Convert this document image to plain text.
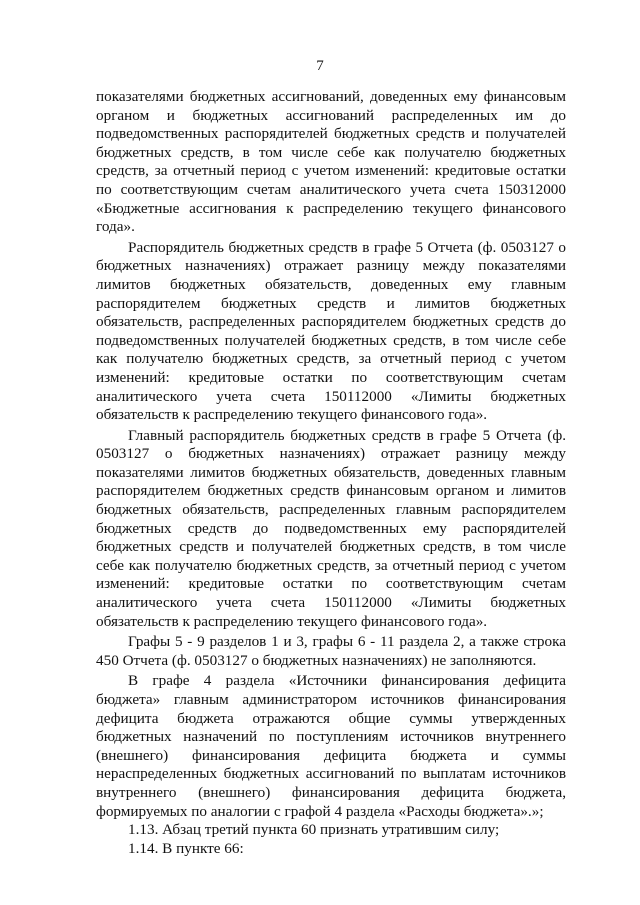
7

показателями бюджетных ассигнований, доведенных ему финансовым органом и бюджетных ассигнований распределенных им до подведомственных распорядителей бюджетных средств и получателей бюджетных средств, в том числе себе как получателю бюджетных средств, за отчетный период с учетом изменений: кредитовые остатки по соответствующим счетам аналитического учета счета 150312000 «Бюджетные ассигнования к распределению текущего финансового года».

Распорядитель бюджетных средств в графе 5 Отчета (ф. 0503127 о бюджетных назначениях) отражает разницу между показателями лимитов бюджетных обязательств, доведенных ему главным распорядителем бюджетных средств и лимитов бюджетных обязательств, распределенных распорядителем бюджетных средств до подведомственных получателей бюджетных средств, в том числе себе как получателю бюджетных средств, за отчетный период с учетом изменений: кредитовые остатки по соответствующим счетам аналитического учета счета 150112000 «Лимиты бюджетных обязательств к распределению текущего финансового года».

Главный распорядитель бюджетных средств в графе 5 Отчета (ф. 0503127 о бюджетных назначениях) отражает разницу между показателями лимитов бюджетных обязательств, доведенных главным распорядителем бюджетных средств финансовым органом и лимитов бюджетных обязательств, распределенных главным распорядителем бюджетных средств до подведомственных ему распорядителей бюджетных средств и получателей бюджетных средств, в том числе себе как получателю бюджетных средств, за отчетный период с учетом изменений: кредитовые остатки по соответствующим счетам аналитического учета счета 150112000 «Лимиты бюджетных обязательств к распределению текущего финансового года».

Графы 5 - 9 разделов 1 и 3, графы 6 - 11 раздела 2, а также строка 450 Отчета (ф. 0503127 о бюджетных назначениях) не заполняются.

В графе 4 раздела «Источники финансирования дефицита бюджета» главным администратором источников финансирования дефицита бюджета отражаются общие суммы утвержденных бюджетных назначений по поступлениям источников внутреннего (внешнего) финансирования дефицита бюджета и суммы нераспределенных бюджетных ассигнований по выплатам источников внутреннего (внешнего) финансирования дефицита бюджета, формируемых по аналогии с графой 4 раздела «Расходы бюджета».»;

1.13. Абзац третий пункта 60 признать утратившим силу;

1.14. В пункте 66:
